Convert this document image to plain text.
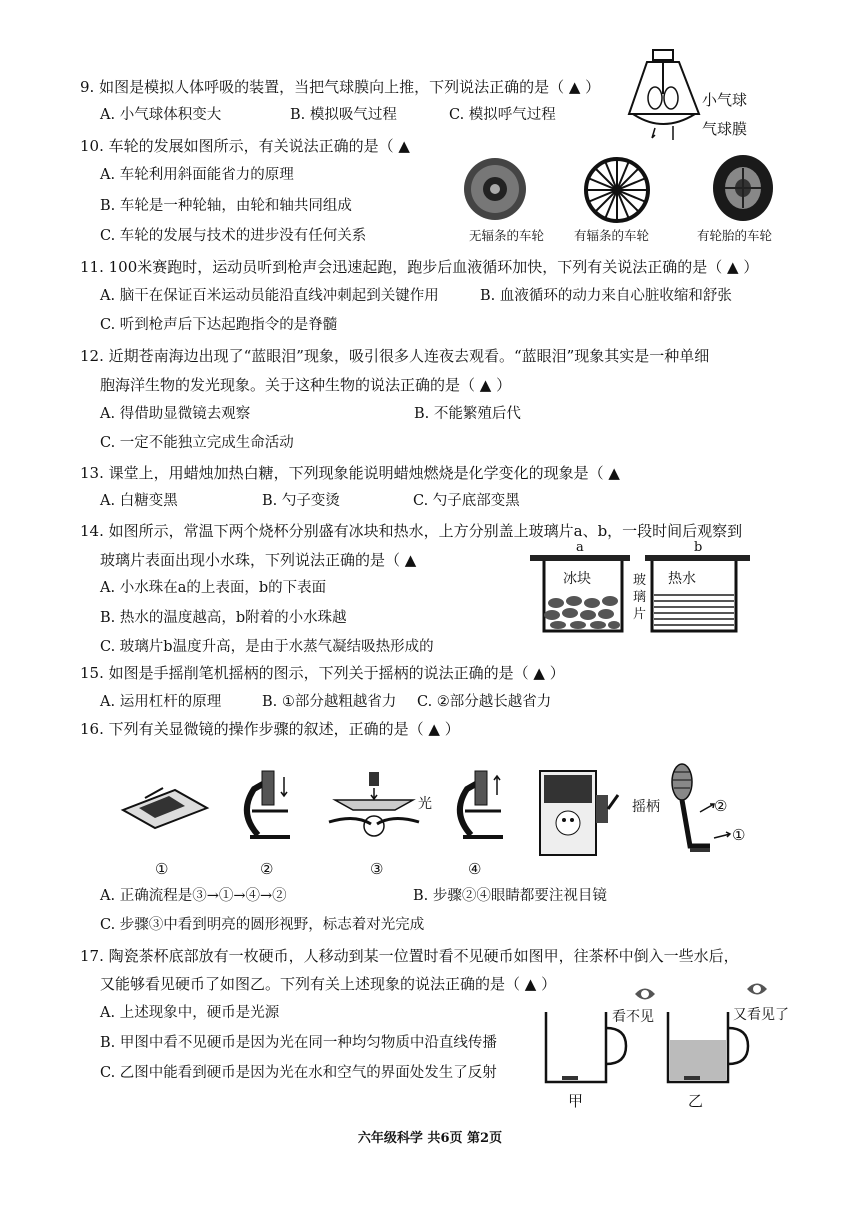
9. 如图是模拟人体呼吸的装置，当把气球膜向上推，下列说法正确的是（ ▲ ）
A. 小气球体积变大	B. 模拟吸气过程	C. 模拟呼气过程
小气球
气球膜
10. 车轮的发展如图所示，有关说法正确的是（ ▲
A. 车轮利用斜面能省力的原理
B. 车轮是一种轮轴，由轮和轴共同组成
C. 车轮的发展与技术的进步没有任何关系	无辐条的车轮 有辐条的车轮	有轮胎的车轮
11. 100米赛跑时，运动员听到枪声会迅速起跑，跑步后血液循环加快，下列有关说法正确的是（ ▲ ）
A. 脑干在保证百米运动员能沿直线冲刺起到关键作用	B. 血液循环的动力来自心脏收缩和舒张
C. 听到枪声后下达起跑指令的是脊髓
12. 近期苍南海边出现了“蓝眼泪”现象，吸引很多人连夜去观看。“蓝眼泪”现象其实是一种单细
胞海洋生物的发光现象。关于这种生物的说法正确的是（ ▲ ）
A. 得借助显微镜去观察	B. 不能繁殖后代
C. 一定不能独立完成生命活动
13. 课堂上，用蜡烛加热白糖，下列现象能说明蜡烛燃烧是化学变化的现象是（ ▲
A. 白糖变黑	B. 勺子变烫	C. 勺子底部变黑
14. 如图所示，常温下两个烧杯分别盛有冰块和热水，上方分别盖上玻璃片a、b，一段时间后观察到
玻璃片表面出现小水珠，下列说法正确的是（ ▲
A. 小水珠在a的上表面，b的下表面
B. 热水的温度越高，b附着的小水珠越
C. 玻璃片b温度升高，是由于水蒸气凝结吸热形成的
a	b
冰块	热水
玻璃片
15. 如图是手摇削笔机摇柄的图示，下列关于摇柄的说法正确的是（ ▲ ）
A. 运用杠杆的原理	B. ①部分越粗越省力 C. ②部分越长越省力
16. 下列有关显微镜的操作步骤的叙述，正确的是（ ▲ ）
光
①	②	③	④
摇柄	②
①
A. 正确流程是③→①→④→②	B. 步骤②④眼睛都要注视目镜
C. 步骤③中看到明亮的圆形视野，标志着对光完成
17. 陶瓷茶杯底部放有一枚硬币，人移动到某一位置时看不见硬币如图甲，往茶杯中倒入一些水后，
又能够看见硬币了如图乙。下列有关上述现象的说法正确的是（ ▲ ）
A. 上述现象中，硬币是光源
B. 甲图中看不见硬币是因为光在同一种均匀物质中沿直线传播
C. 乙图中能看到硬币是因为光在水和空气的界面处发生了反射
看不见	又看见了
甲	乙
六年级科学 共6页 第2页
